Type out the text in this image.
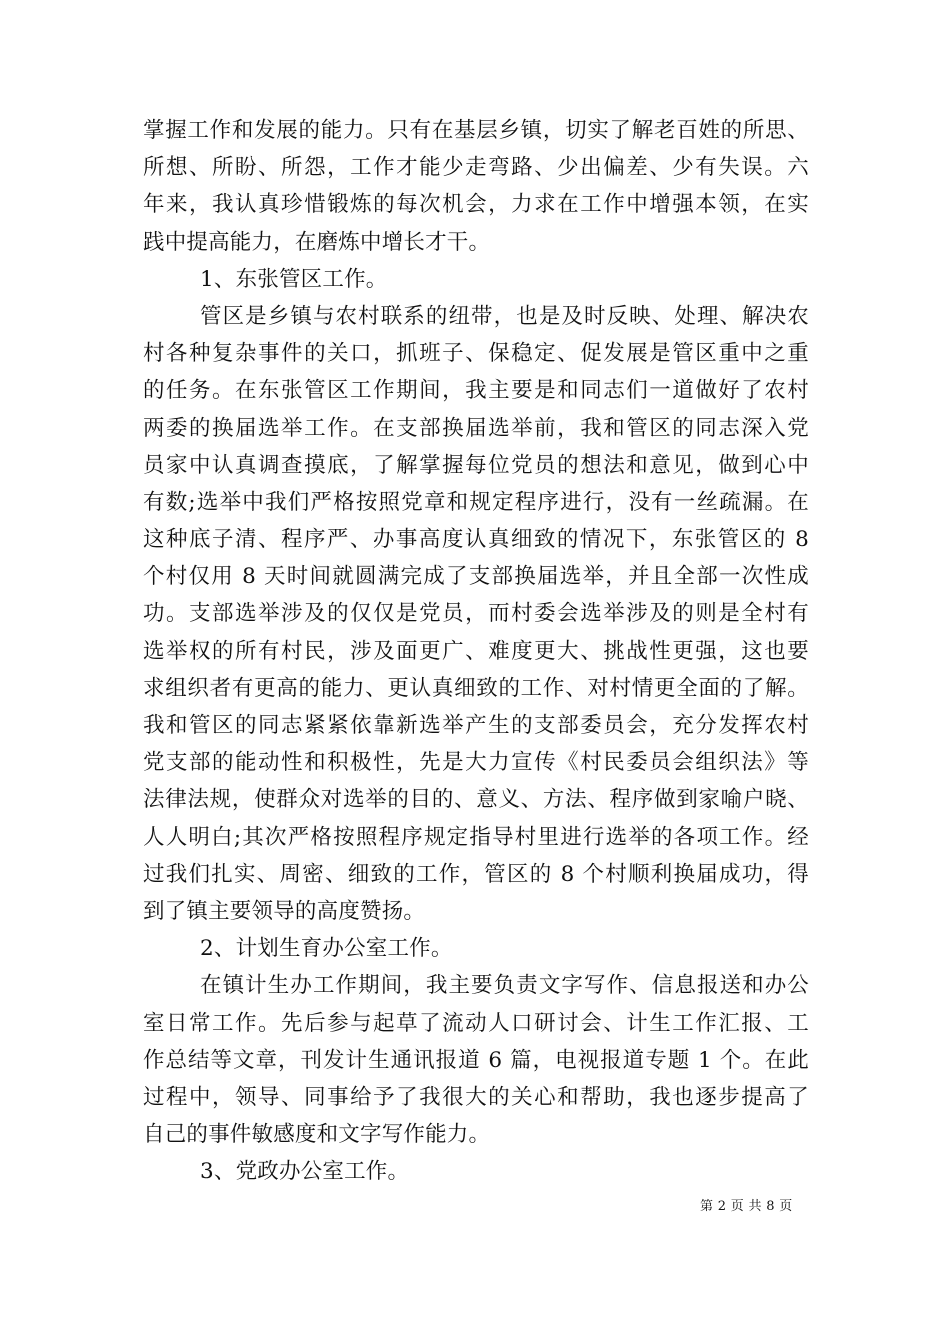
掌握工作和发展的能力。只有在基层乡镇，切实了解老百姓的所思、
所想、所盼、所怨，工作才能少走弯路、少出偏差、少有失误。六
年来，我认真珍惜锻炼的每次机会，力求在工作中增强本领，在实
践中提高能力，在磨炼中增长才干。
1、东张管区工作。
管区是乡镇与农村联系的纽带，也是及时反映、处理、解决农
村各种复杂事件的关口，抓班子、保稳定、促发展是管区重中之重
的任务。在东张管区工作期间，我主要是和同志们一道做好了农村
两委的换届选举工作。在支部换届选举前，我和管区的同志深入党
员家中认真调查摸底，了解掌握每位党员的想法和意见，做到心中
有数;选举中我们严格按照党章和规定程序进行，没有一丝疏漏。在
这种底子清、程序严、办事高度认真细致的情况下，东张管区的 8
个村仅用 8 天时间就圆满完成了支部换届选举，并且全部一次性成
功。支部选举涉及的仅仅是党员，而村委会选举涉及的则是全村有
选举权的所有村民，涉及面更广、难度更大、挑战性更强，这也要
求组织者有更高的能力、更认真细致的工作、对村情更全面的了解。
我和管区的同志紧紧依靠新选举产生的支部委员会，充分发挥农村
党支部的能动性和积极性，先是大力宣传《村民委员会组织法》等
法律法规，使群众对选举的目的、意义、方法、程序做到家喻户晓、
人人明白;其次严格按照程序规定指导村里进行选举的各项工作。经
过我们扎实、周密、细致的工作，管区的 8 个村顺利换届成功，得
到了镇主要领导的高度赞扬。
2、计划生育办公室工作。
在镇计生办工作期间，我主要负责文字写作、信息报送和办公
室日常工作。先后参与起草了流动人口研讨会、计生工作汇报、工
作总结等文章，刊发计生通讯报道 6 篇，电视报道专题 1 个。在此
过程中，领导、同事给予了我很大的关心和帮助，我也逐步提高了
自己的事件敏感度和文字写作能力。
3、党政办公室工作。
第 2 页 共 8 页
